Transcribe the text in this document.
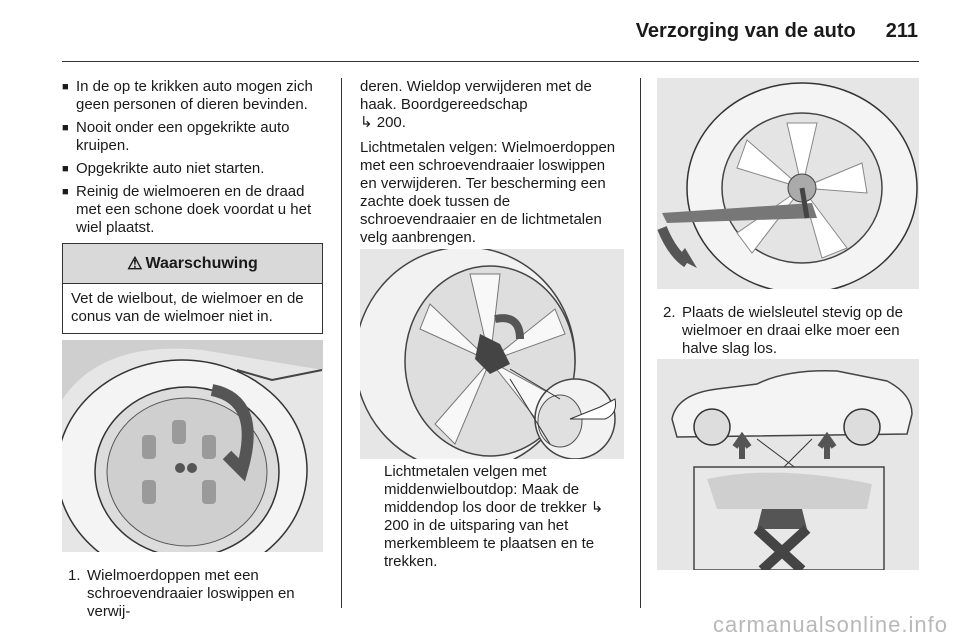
Verzorging van de auto 211
■ In de op te krikken auto mogen zich geen personen of dieren bevinden.
■ Nooit onder een opgekrikte auto kruipen.
■ Opgekrikte auto niet starten.
■ Reinig de wielmoeren en de draad met een schone doek voordat u het wiel plaatst.
⚠ Waarschuwing
Vet de wielbout, de wielmoer en de conus van de wielmoer niet in.
1. Wielmoerdoppen met een schroevendraaier loswippen en verwij-

deren. Wieldop verwijderen met de haak. Boordgereedschap
↳ 200.

Lichtmetalen velgen: Wielmoerdoppen met een schroevendraaier loswippen en verwijderen. Ter bescherming een zachte doek tussen de schroevendraaier en de lichtmetalen velg aanbrengen.

Lichtmetalen velgen met middenwielboutdop: Maak de middendop los door de trekker ↳ 200 in de uitsparing van het merkembleem te plaatsen en te trekken.

2. Plaats de wielsleutel stevig op de wielmoer en draai elke moer een halve slag los.
carmanualsonline.info
